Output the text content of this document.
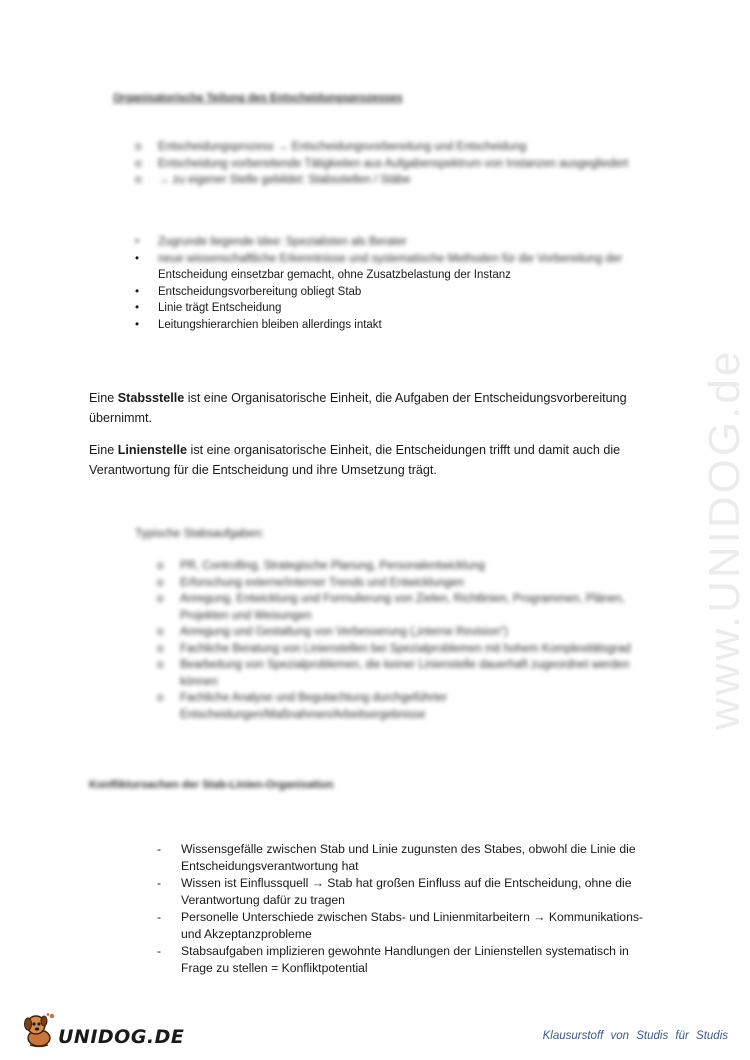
www.UNIDOG.de
Organisatorische Teilung des Entscheidungsprozesses
o Entscheidungsprozess → Entscheidungsvorbereitung und Entscheidung
o Entscheidung vorbereitende Tätigkeiten aus Aufgabenspektrum von Instanzen ausgegliedert
o → zu eigener Stelle gebildet: Stabsstellen / Stäbe
• Zugrunde liegende Idee: Spezialisten als Berater
• neue wissenschaftliche Erkenntnisse und systematische Methoden für die Vorbereitung der
Entscheidung einsetzbar gemacht, ohne Zusatzbelastung der Instanz
• Entscheidungsvorbereitung obliegt Stab
• Linie trägt Entscheidung
• Leitungshierarchien bleiben allerdings intakt

Eine Stabsstelle ist eine Organisatorische Einheit, die Aufgaben der Entscheidungsvorbereitung übernimmt.

Eine Linienstelle ist eine organisatorische Einheit, die Entscheidungen trifft und damit auch die Verantwortung für die Entscheidung und ihre Umsetzung trägt.

Typische Stabsaufgaben:
o PR, Controlling, Strategische Planung, Personalentwicklung
o Erforschung externe/interner Trends und Entwicklungen
o Anregung, Entwicklung und Formulierung von Zielen, Richtlinien, Programmen, Plänen, Projekten und Weisungen
o Anregung und Gestaltung von Verbesserung („interne Revision“)
o Fachliche Beratung von Linienstellen bei Spezialproblemen mit hohem Komplexitätsgrad
o Bearbeitung von Spezialproblemen, die keiner Linienstelle dauerhaft zugeordnet werden können
o Fachliche Analyse und Begutachtung durchgeführter Entscheidungen/Maßnahmen/Arbeitsergebnisse
Konfliktursachen der Stab-Linien-Organisation
- Wissensgefälle zwischen Stab und Linie zugunsten des Stabes, obwohl die Linie die Entscheidungsverantwortung hat
- Wissen ist Einflussquell → Stab hat großen Einfluss auf die Entscheidung, ohne die Verantwortung dafür zu tragen
- Personelle Unterschiede zwischen Stabs- und Linienmitarbeitern → Kommunikations- und Akzeptanzprobleme
- Stabsaufgaben implizieren gewohnte Handlungen der Linienstellen systematisch in Frage zu stellen = Konfliktpotential
UNIDOG.DE	Klausurstoff von Studis für Studis
